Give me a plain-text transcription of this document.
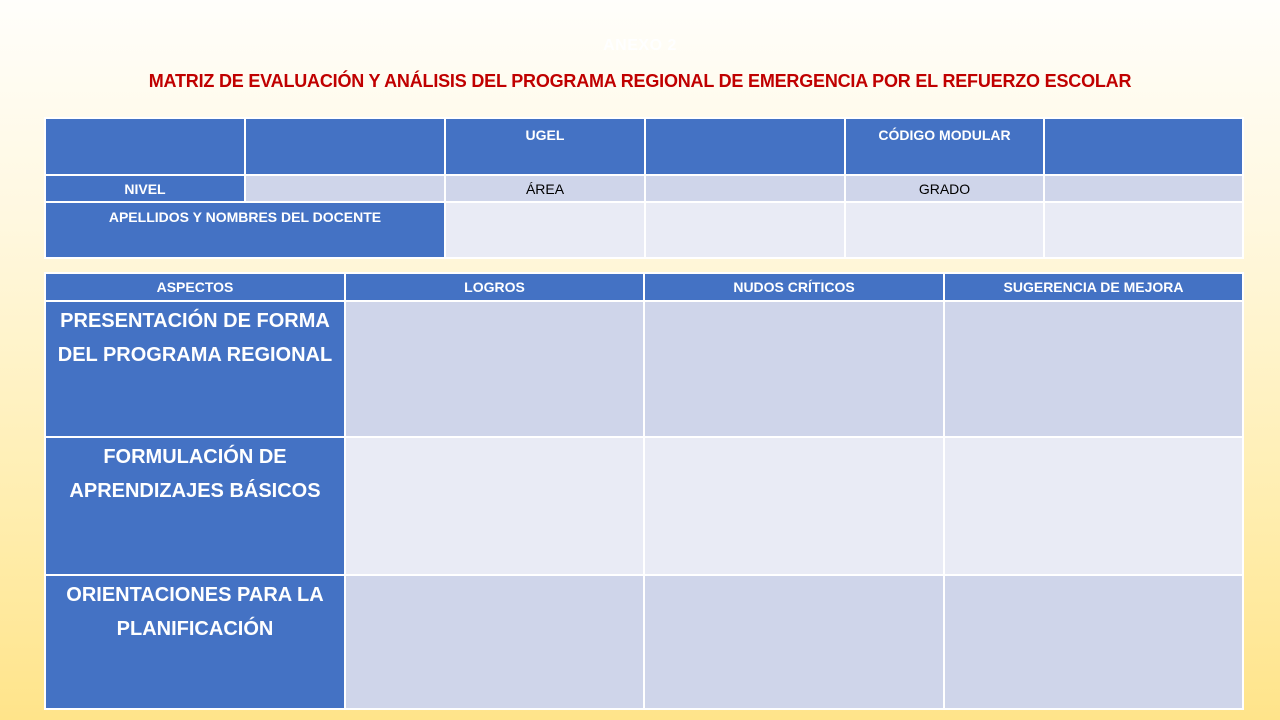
ANEXO 2
MATRIZ DE EVALUACIÓN Y ANÁLISIS DEL PROGRAMA REGIONAL DE EMERGENCIA POR EL REFUERZO ESCOLAR
		UGEL		CÓDIGO MODULAR	
NIVEL		ÁREA		GRADO	
APELLIDOS Y NOMBRES DEL DOCENTE					
ASPECTOS	LOGROS	NUDOS CRÍTICOS	SUGERENCIA DE MEJORA
PRESENTACIÓN DE FORMA DEL PROGRAMA REGIONAL			
FORMULACIÓN DE APRENDIZAJES BÁSICOS			
ORIENTACIONES PARA LA PLANIFICACIÓN			
